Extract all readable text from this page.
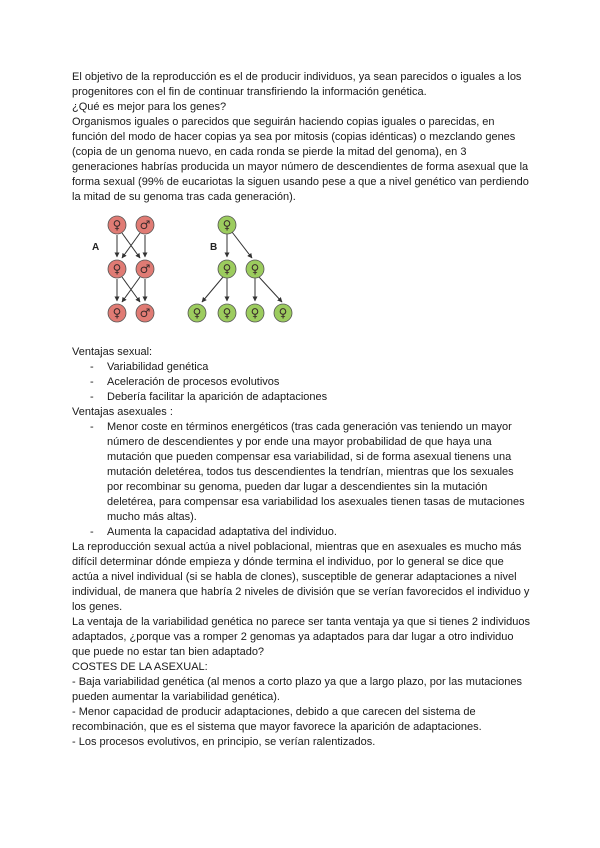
El objetivo de la reproducción es el de producir individuos, ya sean parecidos o iguales a los progenitores con el fin de continuar transfiriendo la información genética.

¿Qué es mejor para los genes?

Organismos iguales o parecidos que seguirán haciendo copias iguales o parecidas, en función del modo de hacer copias ya sea por mitosis (copias idénticas) o mezclando genes (copia de un genoma nuevo, en cada ronda se pierde la mitad del genoma), en 3 generaciones habrías producida un mayor número de descendientes de forma asexual que la forma sexual (99% de eucariotas la siguen usando pese a que a nivel genético van perdiendo la mitad de su genoma tras cada generación).

A	B
♀ ♂
♀ ♂
♀ ♂
♀
♀ ♀
♀ ♀ ♀ ♀

Ventajas sexual:

- Variabilidad genética
- Aceleración de procesos evolutivos
- Debería facilitar la aparición de adaptaciones

Ventajas asexuales :

- Menor coste en términos energéticos (tras cada generación vas teniendo un mayor número de descendientes y por ende una mayor probabilidad de que haya una mutación que pueden compensar esa variabilidad, si de forma asexual tienens una mutación deletérea, todos tus descendientes la tendrían, mientras que los sexuales por recombinar su genoma, pueden dar lugar a descendientes sin la mutación deletérea, para compensar esa variabilidad los asexuales tienen tasas de mutaciones mucho más altas).
- Aumenta la capacidad adaptativa del individuo.

La reproducción sexual actúa a nivel poblacional, mientras que en asexuales es mucho más difícil determinar dónde empieza y dónde termina el individuo, por lo general se dice que actúa a nivel individual (si se habla de clones), susceptible de generar adaptaciones a nivel individual, de manera que habría 2 niveles de división que se verían favorecidos el individuo y los genes.

La ventaja de la variabilidad genética no parece ser tanta ventaja ya que si tienes 2 individuos adaptados, ¿porque vas a romper 2 genomas ya adaptados para dar lugar a otro individuo que puede no estar tan bien adaptado?

COSTES DE LA ASEXUAL:

- Baja variabilidad genética (al menos a corto plazo ya que a largo plazo, por las mutaciones pueden aumentar la variabilidad genética).
- Menor capacidad de producir adaptaciones, debido a que carecen del sistema de recombinación, que es el sistema que mayor favorece la aparición de adaptaciones.
- Los procesos evolutivos, en principio, se verían ralentizados.
